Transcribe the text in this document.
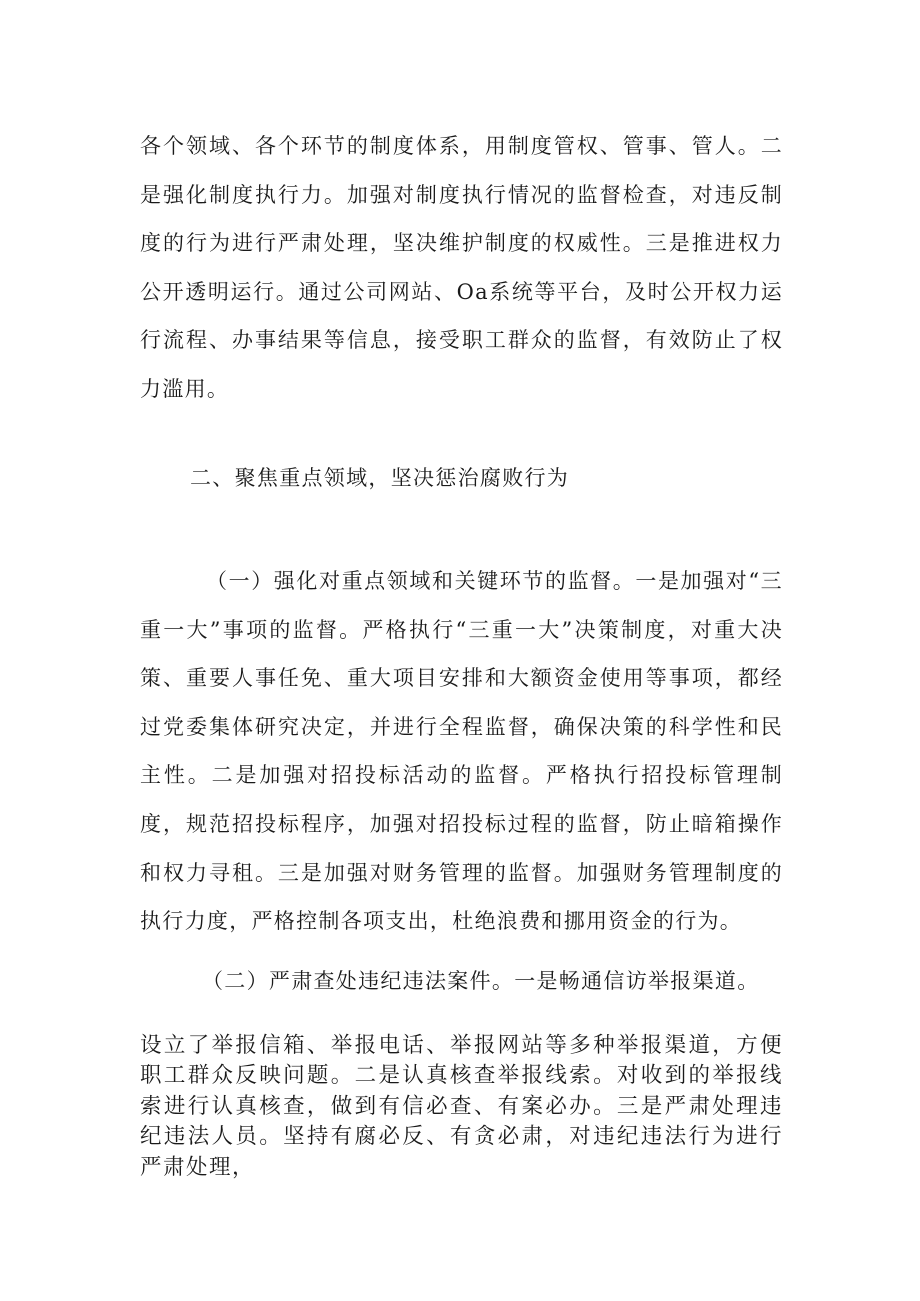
各个领域、各个环节的制度体系，用制度管权、管事、管人。二是强化制度执行力。加强对制度执行情况的监督检查，对违反制度的行为进行严肃处理，坚决维护制度的权威性。三是推进权力公开透明运行。通过公司网站、Oa系统等平台，及时公开权力运行流程、办事结果等信息，接受职工群众的监督，有效防止了权力滥用。

二、聚焦重点领域，坚决惩治腐败行为

（一）强化对重点领域和关键环节的监督。一是加强对“三重一大”事项的监督。严格执行“三重一大”决策制度，对重大决策、重要人事任免、重大项目安排和大额资金使用等事项，都经过党委集体研究决定，并进行全程监督，确保决策的科学性和民主性。二是加强对招投标活动的监督。严格执行招投标管理制度，规范招投标程序，加强对招投标过程的监督，防止暗箱操作和权力寻租。三是加强对财务管理的监督。加强财务管理制度的执行力度，严格控制各项支出，杜绝浪费和挪用资金的行为。

（二）严肃查处违纪违法案件。一是畅通信访举报渠道。

设立了举报信箱、举报电话、举报网站等多种举报渠道，方便职工群众反映问题。二是认真核查举报线索。对收到的举报线索进行认真核查，做到有信必查、有案必办。三是严肃处理违纪违法人员。坚持有腐必反、有贪必肃，对违纪违法行为进行严肃处理，
